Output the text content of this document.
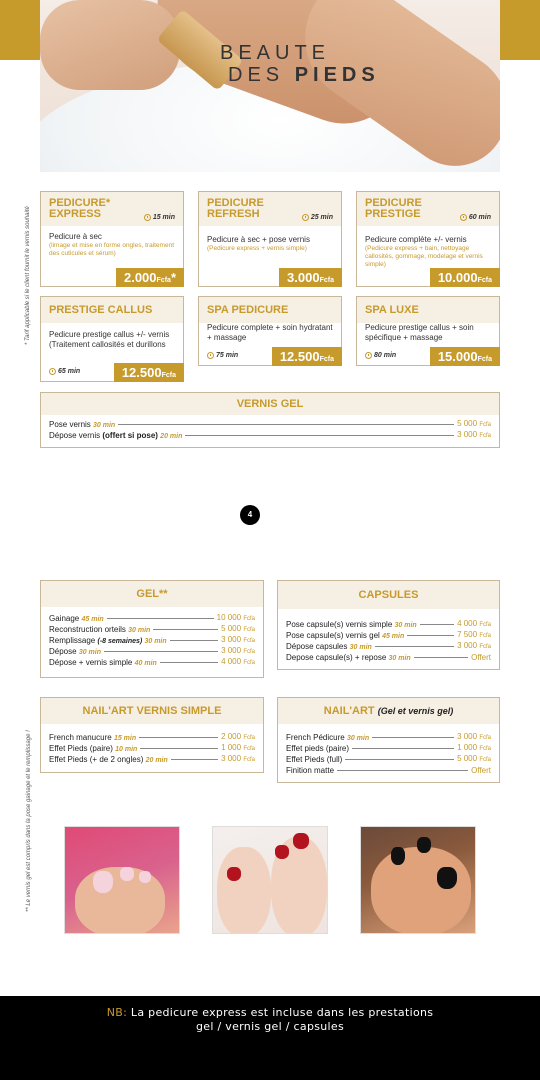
BEAUTE
DES PIEDS
* Tarif applicable si le client fournit le vernis souhaité
** Le vernis gel est compris dans la pose gainage et le remplissage !
PEDICURE*
EXPRESS	15 min
Pedicure à sec
(limage et mise en forme ongles, traitement des cuticules et sérum)
2.000Fcfa*
PEDICURE
REFRESH	25 min
Pedicure à sec + pose vernis
(Pedicure express + vernis simple)
3.000Fcfa
PEDICURE
PRESTIGE	60 min
Pedicure complète +/- vernis
(Pedicure express + bain, nettoyage callosités, gommage, modelage et vernis simple)
10.000Fcfa
PRESTIGE CALLUS
Pedicure prestige callus +/- vernis (Traitement callosités et durillons
65 min	12.500Fcfa
SPA PEDICURE
Pedicure complete + soin hydratant + massage
75 min	12.500Fcfa
SPA LUXE
Pedicure prestige callus + soin spécifique + massage
80 min	15.000Fcfa
VERNIS GEL
Pose vernis 30 min	5 000 Fcfa
Dépose vernis (offert si pose) 20 min	3 000 Fcfa
4
GEL**
Gainage 45 min	10 000 Fcfa
Reconstruction orteils 30 min	5 000 Fcfa
Remplissage (-8 semaines) 30 min	3 000 Fcfa
Dépose 30 min	3 000 Fcfa
Dépose + vernis simple 40 min	4 000 Fcfa
CAPSULES
Pose capsule(s) vernis simple 30 min	4 000 Fcfa
Pose capsule(s) vernis gel 45 min	7 500 Fcfa
Dépose capsules 30 min	3 000 Fcfa
Depose capsule(s) + repose 30 min	Offert
NAIL'ART VERNIS SIMPLE
French manucure 15 min	2 000 Fcfa
Effet Pieds (paire) 10 min	1 000 Fcfa
Effet Pieds (+ de 2 ongles) 20 min	3 000 Fcfa
NAIL'ART (Gel et vernis gel)
French Pédicure 30 min	3 000 Fcfa
Effet pieds (paire)	1 000 Fcfa
Effet Pieds (full)	5 000 Fcfa
Finition matte	Offert
NB: La pedicure express est incluse dans les prestations
gel / vernis gel / capsules
